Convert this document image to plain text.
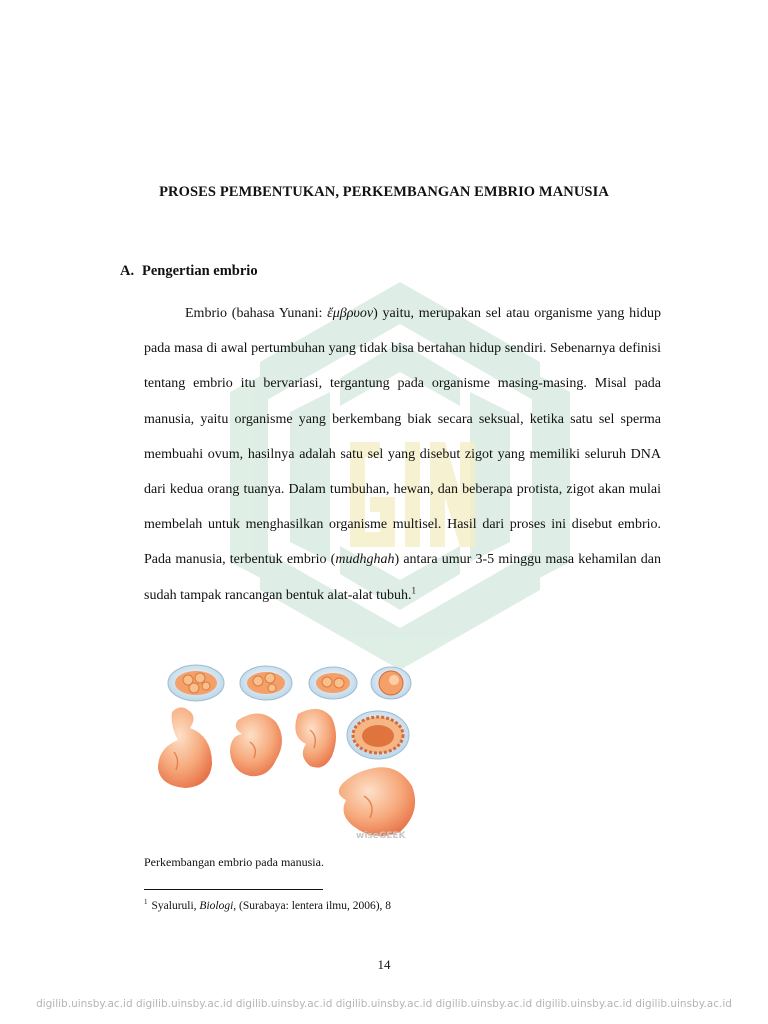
PROSES PEMBENTUKAN, PERKEMBANGAN EMBRIO MANUSIA
A. Pengertian embrio

Embrio (bahasa Yunani: ἔμβρυον) yaitu, merupakan sel atau organisme yang hidup pada masa di awal pertumbuhan yang tidak bisa bertahan hidup sendiri. Sebenarnya definisi tentang embrio itu bervariasi, tergantung pada organisme masing-masing. Misal pada manusia, yaitu organisme yang berkembang biak secara seksual, ketika satu sel sperma membuahi ovum, hasilnya adalah satu sel yang disebut zigot yang memiliki seluruh DNA dari kedua orang tuanya. Dalam tumbuhan, hewan, dan beberapa protista, zigot akan mulai membelah untuk menghasilkan organisme multisel. Hasil dari proses ini disebut embrio. Pada manusia, terbentuk embrio (mudhghah) antara umur 3-5 minggu masa kehamilan dan sudah tampak rancangan bentuk alat-alat tubuh.$^1$

wiseGEEK
Perkembangan embrio pada manusia.
$^1$ Syaluruli, Biologi, (Surabaya: lentera ilmu, 2006), 8
14
digilib.uinsby.ac.id digilib.uinsby.ac.id digilib.uinsby.ac.id digilib.uinsby.ac.id digilib.uinsby.ac.id digilib.uinsby.ac.id digilib.uinsby.ac.id
